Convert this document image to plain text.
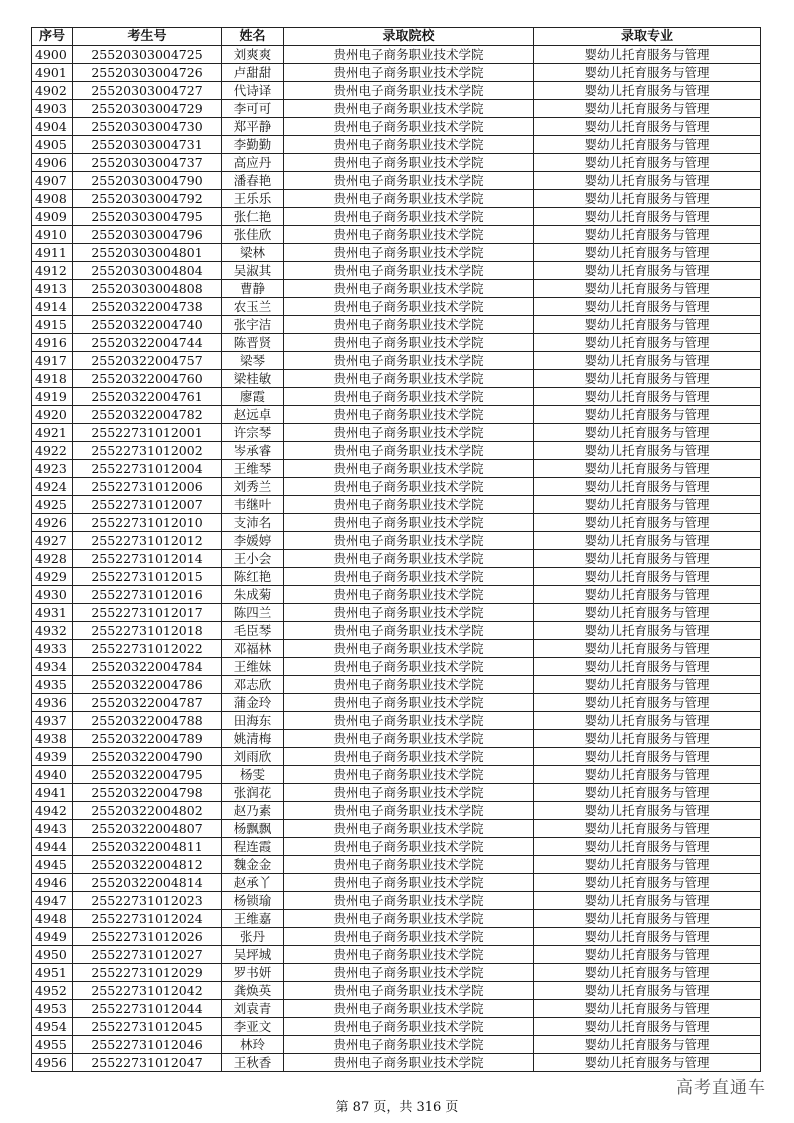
序号	考生号	姓名	录取院校	录取专业
4900	25520303004725	刘爽爽	贵州电子商务职业技术学院	婴幼儿托育服务与管理
4901	25520303004726	卢甜甜	贵州电子商务职业技术学院	婴幼儿托育服务与管理
4902	25520303004727	代诗译	贵州电子商务职业技术学院	婴幼儿托育服务与管理
4903	25520303004729	李可可	贵州电子商务职业技术学院	婴幼儿托育服务与管理
4904	25520303004730	郑平静	贵州电子商务职业技术学院	婴幼儿托育服务与管理
4905	25520303004731	李勤勤	贵州电子商务职业技术学院	婴幼儿托育服务与管理
4906	25520303004737	高应丹	贵州电子商务职业技术学院	婴幼儿托育服务与管理
4907	25520303004790	潘春艳	贵州电子商务职业技术学院	婴幼儿托育服务与管理
4908	25520303004792	王乐乐	贵州电子商务职业技术学院	婴幼儿托育服务与管理
4909	25520303004795	张仁艳	贵州电子商务职业技术学院	婴幼儿托育服务与管理
4910	25520303004796	张佳欣	贵州电子商务职业技术学院	婴幼儿托育服务与管理
4911	25520303004801	梁林	贵州电子商务职业技术学院	婴幼儿托育服务与管理
4912	25520303004804	吴淑其	贵州电子商务职业技术学院	婴幼儿托育服务与管理
4913	25520303004808	曹静	贵州电子商务职业技术学院	婴幼儿托育服务与管理
4914	25520322004738	农玉兰	贵州电子商务职业技术学院	婴幼儿托育服务与管理
4915	25520322004740	张宇洁	贵州电子商务职业技术学院	婴幼儿托育服务与管理
4916	25520322004744	陈晋贤	贵州电子商务职业技术学院	婴幼儿托育服务与管理
4917	25520322004757	梁琴	贵州电子商务职业技术学院	婴幼儿托育服务与管理
4918	25520322004760	梁桂敏	贵州电子商务职业技术学院	婴幼儿托育服务与管理
4919	25520322004761	廖霞	贵州电子商务职业技术学院	婴幼儿托育服务与管理
4920	25520322004782	赵远卓	贵州电子商务职业技术学院	婴幼儿托育服务与管理
4921	25522731012001	许宗琴	贵州电子商务职业技术学院	婴幼儿托育服务与管理
4922	25522731012002	岑承睿	贵州电子商务职业技术学院	婴幼儿托育服务与管理
4923	25522731012004	王维琴	贵州电子商务职业技术学院	婴幼儿托育服务与管理
4924	25522731012006	刘秀兰	贵州电子商务职业技术学院	婴幼儿托育服务与管理
4925	25522731012007	韦继叶	贵州电子商务职业技术学院	婴幼儿托育服务与管理
4926	25522731012010	支沛名	贵州电子商务职业技术学院	婴幼儿托育服务与管理
4927	25522731012012	李媛婷	贵州电子商务职业技术学院	婴幼儿托育服务与管理
4928	25522731012014	王小会	贵州电子商务职业技术学院	婴幼儿托育服务与管理
4929	25522731012015	陈红艳	贵州电子商务职业技术学院	婴幼儿托育服务与管理
4930	25522731012016	朱成菊	贵州电子商务职业技术学院	婴幼儿托育服务与管理
4931	25522731012017	陈四兰	贵州电子商务职业技术学院	婴幼儿托育服务与管理
4932	25522731012018	毛臣琴	贵州电子商务职业技术学院	婴幼儿托育服务与管理
4933	25522731012022	邓福林	贵州电子商务职业技术学院	婴幼儿托育服务与管理
4934	25520322004784	王维妹	贵州电子商务职业技术学院	婴幼儿托育服务与管理
4935	25520322004786	邓志欣	贵州电子商务职业技术学院	婴幼儿托育服务与管理
4936	25520322004787	蒲金玲	贵州电子商务职业技术学院	婴幼儿托育服务与管理
4937	25520322004788	田海东	贵州电子商务职业技术学院	婴幼儿托育服务与管理
4938	25520322004789	姚清梅	贵州电子商务职业技术学院	婴幼儿托育服务与管理
4939	25520322004790	刘雨欣	贵州电子商务职业技术学院	婴幼儿托育服务与管理
4940	25520322004795	杨雯	贵州电子商务职业技术学院	婴幼儿托育服务与管理
4941	25520322004798	张润花	贵州电子商务职业技术学院	婴幼儿托育服务与管理
4942	25520322004802	赵乃素	贵州电子商务职业技术学院	婴幼儿托育服务与管理
4943	25520322004807	杨飘飘	贵州电子商务职业技术学院	婴幼儿托育服务与管理
4944	25520322004811	程连霞	贵州电子商务职业技术学院	婴幼儿托育服务与管理
4945	25520322004812	魏金金	贵州电子商务职业技术学院	婴幼儿托育服务与管理
4946	25520322004814	赵承丫	贵州电子商务职业技术学院	婴幼儿托育服务与管理
4947	25522731012023	杨锁瑜	贵州电子商务职业技术学院	婴幼儿托育服务与管理
4948	25522731012024	王维嘉	贵州电子商务职业技术学院	婴幼儿托育服务与管理
4949	25522731012026	张丹	贵州电子商务职业技术学院	婴幼儿托育服务与管理
4950	25522731012027	吴坪城	贵州电子商务职业技术学院	婴幼儿托育服务与管理
4951	25522731012029	罗书妍	贵州电子商务职业技术学院	婴幼儿托育服务与管理
4952	25522731012042	龚焕英	贵州电子商务职业技术学院	婴幼儿托育服务与管理
4953	25522731012044	刘袁青	贵州电子商务职业技术学院	婴幼儿托育服务与管理
4954	25522731012045	李亚文	贵州电子商务职业技术学院	婴幼儿托育服务与管理
4955	25522731012046	林玲	贵州电子商务职业技术学院	婴幼儿托育服务与管理
4956	25522731012047	王秋香	贵州电子商务职业技术学院	婴幼儿托育服务与管理
第 87 页，共 316 页
高考直通车
